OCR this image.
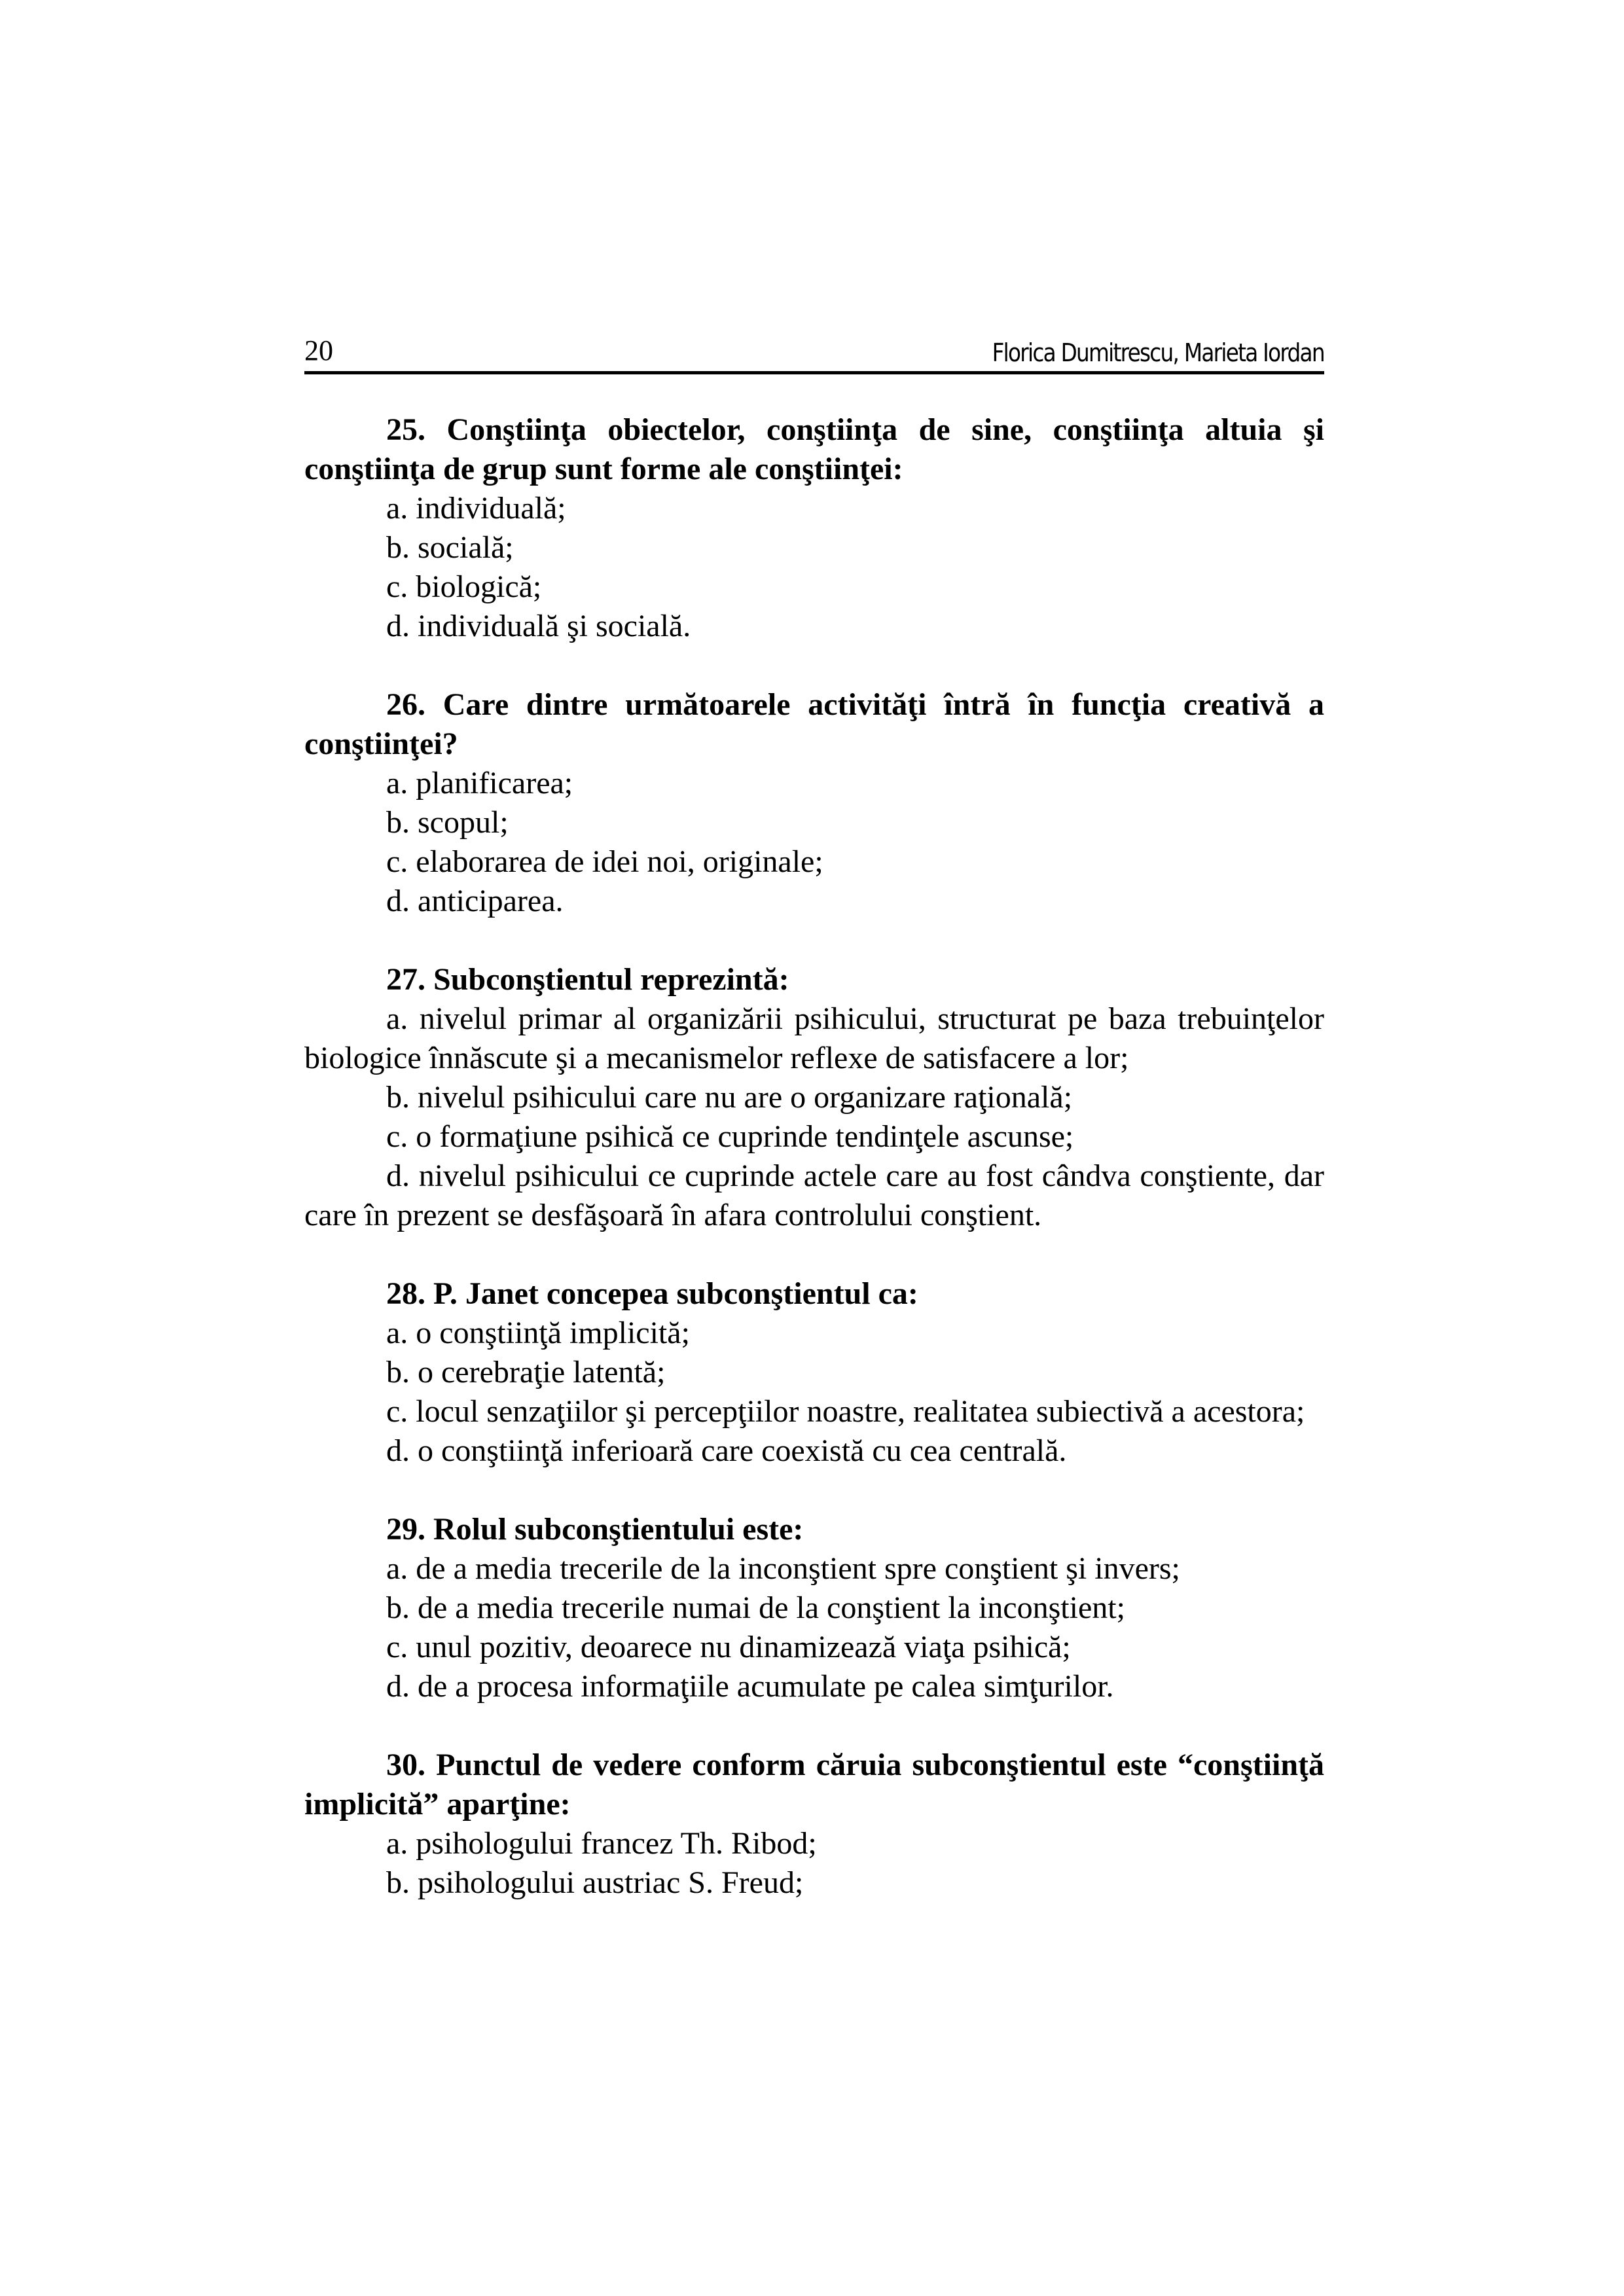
20	Florica Dumitrescu, Marieta Iordan
25. Conştiinţa obiectelor, conştiinţa de sine, conştiinţa altuia şi conştiinţa de grup sunt forme ale conştiinţei:
a. individuală;
b. socială;
c. biologică;
d. individuală şi socială.
26. Care dintre următoarele activităţi întră în funcţia creativă a conştiinţei?
a. planificarea;
b. scopul;
c. elaborarea de idei noi, originale;
d. anticiparea.
27. Subconştientul reprezintă:
a. nivelul primar al organizării psihicului, structurat pe baza trebuinţelor biologice înnăscute şi a mecanismelor reflexe de satisfacere a lor;
b. nivelul psihicului care nu are o organizare raţională;
c. o formaţiune psihică ce cuprinde tendinţele ascunse;
d. nivelul psihicului ce cuprinde actele care au fost cândva conştiente, dar care în prezent se desfăşoară în afara controlului conştient.
28. P. Janet concepea subconştientul ca:
a. o conştiinţă implicită;
b. o cerebraţie latentă;
c. locul senzaţiilor şi percepţiilor noastre, realitatea subiectivă a acestora;
d. o conştiinţă inferioară care coexistă cu cea centrală.
29. Rolul subconştientului este:
a. de a media trecerile de la inconştient spre conştient şi invers;
b. de a media trecerile numai de la conştient la inconştient;
c. unul pozitiv, deoarece nu dinamizează viaţa psihică;
d. de a procesa informaţiile acumulate pe calea simţurilor.
30. Punctul de vedere conform căruia subconştientul este “conştiinţă implicită” aparţine:
a. psihologului francez Th. Ribod;
b. psihologului austriac S. Freud;
